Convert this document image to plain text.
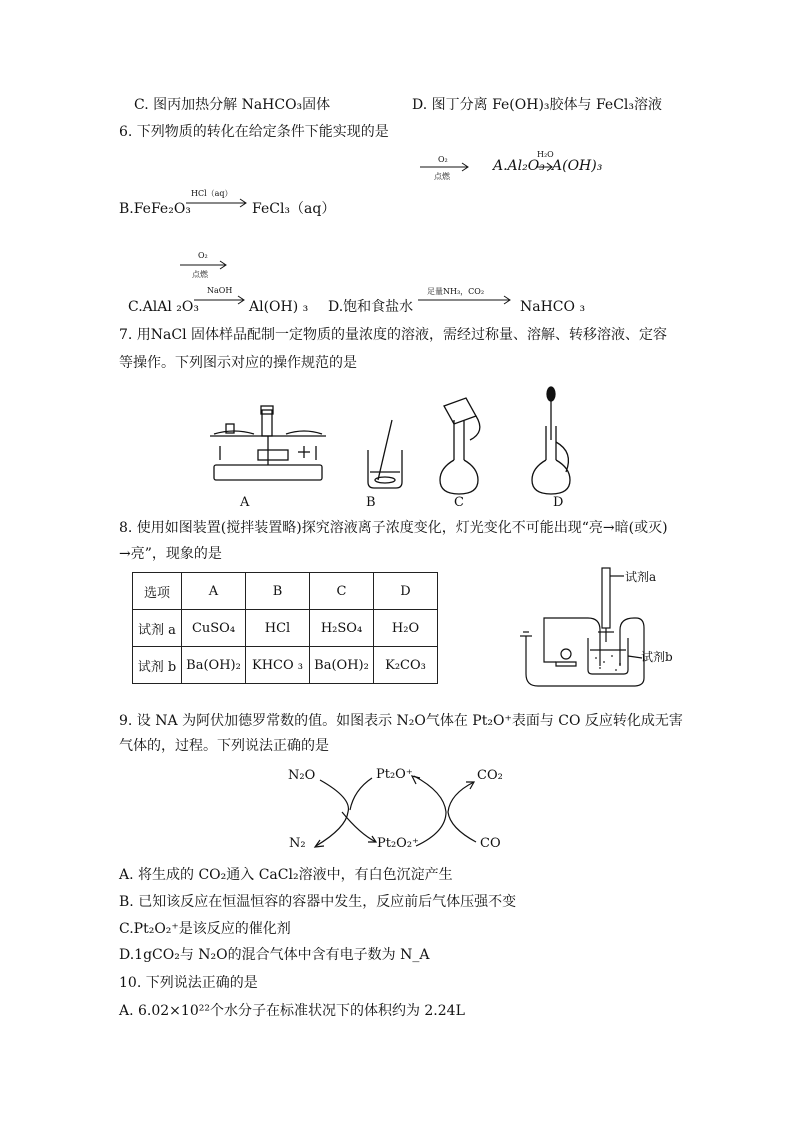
C. 图丙加热分解 NaHCO₃固体	D. 图丁分离 Fe(OH)₃胶体与 FeCl₃溶液
6. 下列物质的转化在给定条件下能实现的是
O₂
点燃
A.Al₂O₃
H₂O
A(OH)₃
B.FeFe₂O₃
HCl（aq）
FeCl₃（aq）
O₂
点燃
C.AlAl ₂O₃
NaOH
Al(OH) ₃ D.饱和食盐水
足量NH₃，CO₂
NaHCO ₃
7. 用NaCl 固体样品配制一定物质的量浓度的溶液，需经过称量、溶解、转移溶液、定容
等操作。下列图示对应的操作规范的是
A	B	C	D
8. 使用如图装置(搅拌装置略)探究溶液离子浓度变化，灯光变化不可能出现“亮→暗(或灭)
→亮”，现象的是
选项	A	B	C	D
试剂 a	CuSO₄	HCl	H₂SO₄	H₂O
试剂 b	Ba(OH)₂	KHCO ₃	Ba(OH)₂	K₂CO₃
试剂a
试剂b
9. 设 NA 为阿伏加德罗常数的值。如图表示 N₂O气体在 Pt₂O⁺表面与 CO 反应转化成无害
气体的，过程。下列说法正确的是
N₂O	Pt₂O⁺	CO₂
N₂	Pt₂O₂⁺	CO
A. 将生成的 CO₂通入 CaCl₂溶液中，有白色沉淀产生
B. 已知该反应在恒温恒容的容器中发生，反应前后气体压强不变
C.Pt₂O₂⁺是该反应的催化剂
D.1gCO₂与 N₂O的混合气体中含有电子数为 N_A
10. 下列说法正确的是
A. 6.02×10²²个水分子在标准状况下的体积约为 2.24L
